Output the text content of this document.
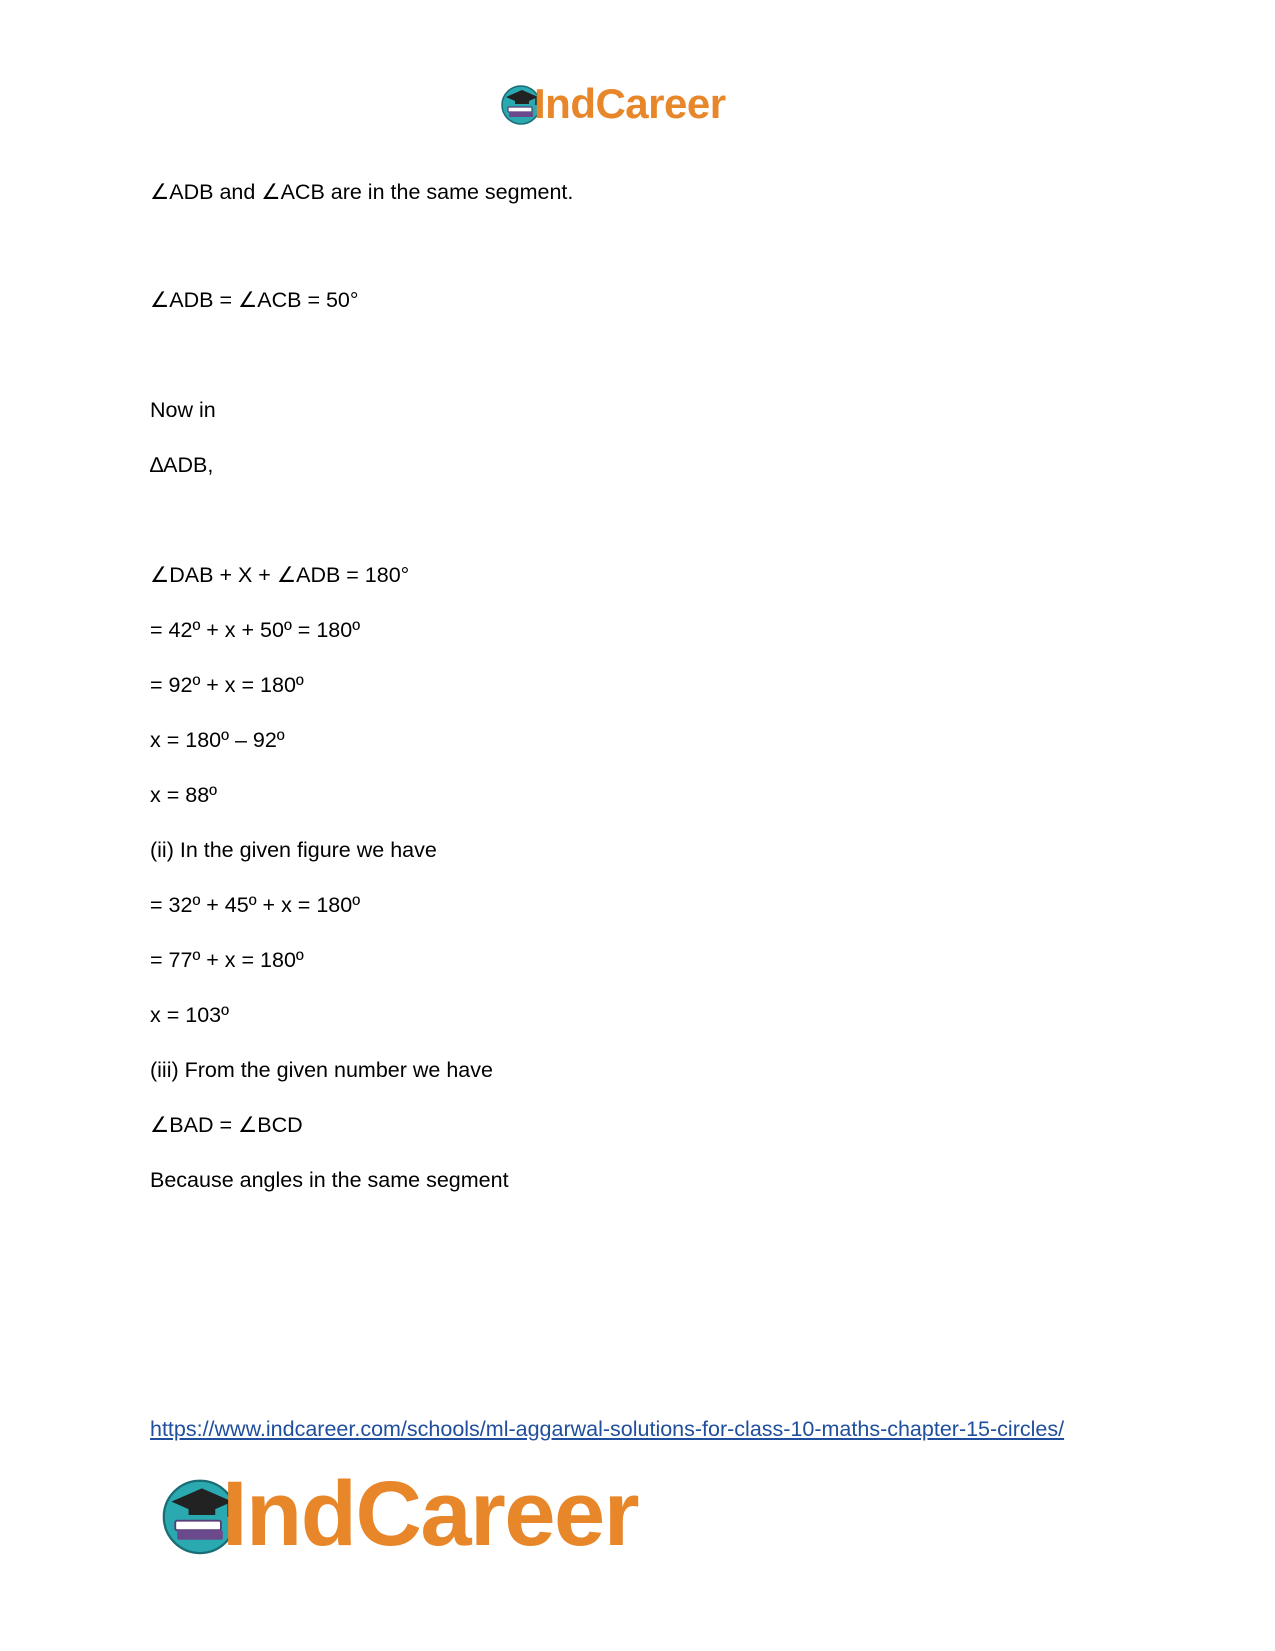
IndCareer
∠ADB and ∠ACB are in the same segment.
∠ADB = ∠ACB = 50°
Now in
∆ADB,
∠DAB + X + ∠ADB = 180°
= 42º + x + 50º = 180º
= 92º + x = 180º
x = 180º – 92º
x = 88º
(ii) In the given figure we have
= 32º + 45º + x = 180º
= 77º + x = 180º
x = 103º
(iii) From the given number we have
∠BAD = ∠BCD
Because angles in the same segment
https://www.indcareer.com/schools/ml-aggarwal-solutions-for-class-10-maths-chapter-15-circles/
IndCareer
